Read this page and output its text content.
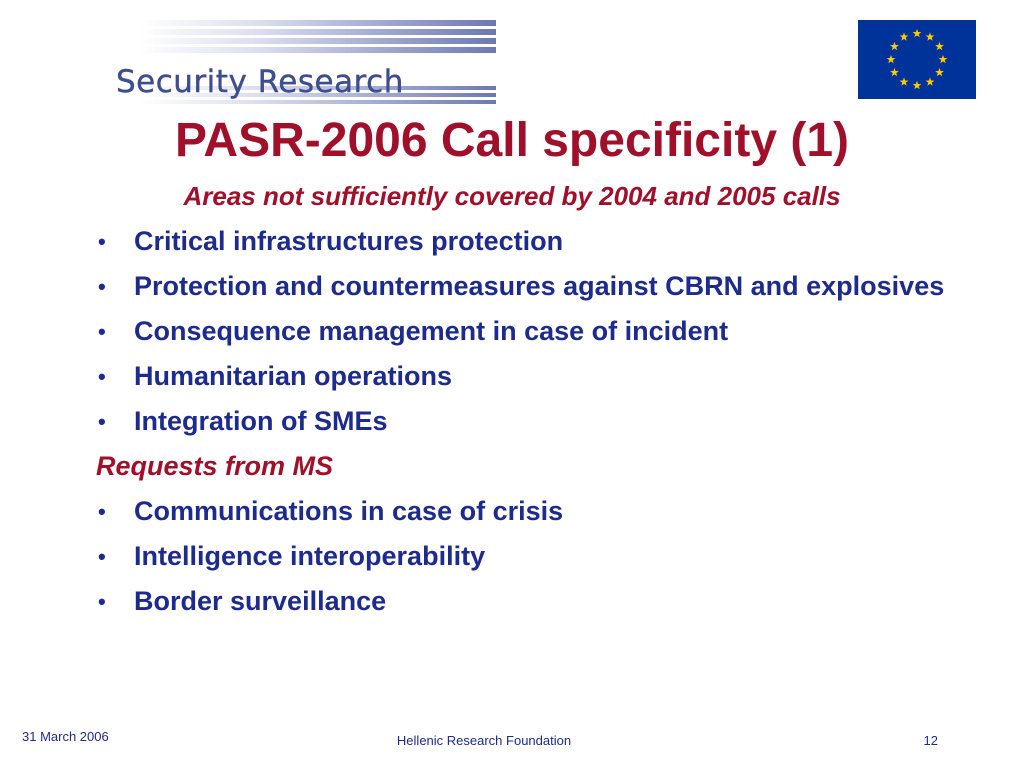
Security Research
PASR-2006 Call specificity (1)
Areas not sufficiently covered by 2004 and 2005 calls
• Critical infrastructures protection
• Protection and countermeasures against CBRN and explosives
• Consequence management in case of incident
• Humanitarian operations
• Integration of SMEs
Requests from MS
• Communications in case of crisis
• Intelligence interoperability
• Border surveillance
31 March 2006	Hellenic Research Foundation	12
